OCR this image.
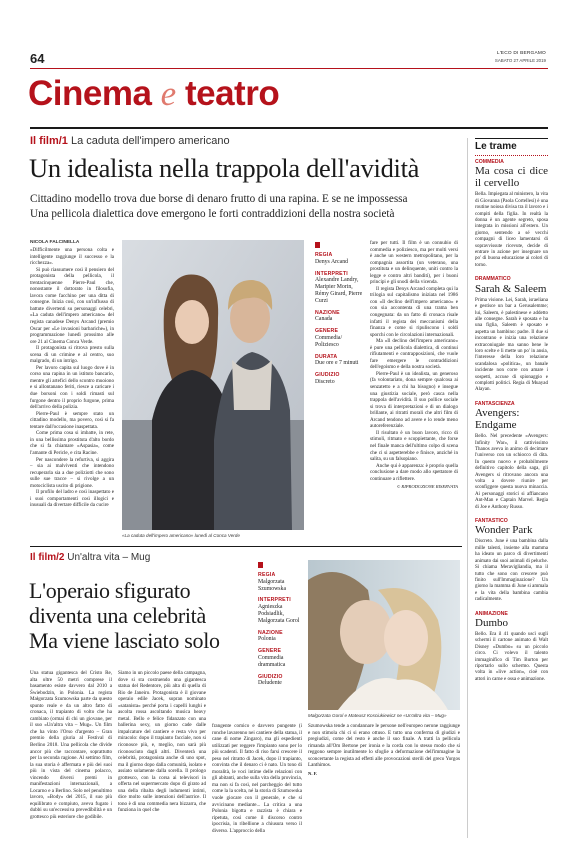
64	L'ECO DI BERGAMO
SABATO 27 APRILE 2019
Cinema e teatro
Il film/1 La caduta dell'impero americano
Un idealista nella trappola dell'avidità
Cittadino modello trova due borse di denaro frutto di una rapina. E se ne impossessa
Una pellicola dialettica dove emergono le forti contraddizioni della nostra società
NICOLA FALCINELLA

«Difficilmente una persona colta e intelligente raggiunge il successo e la ricchezza».

Si può riassumere così il pensiero del protagonista della pellicola, il trentacinquenne Pierre-Paul che, nonostante il dottorato in filosofia, lavora come facchino per una ditta di consegne. Inizia così, con un'influsso di battute divertenti su personaggi celebri, «La caduta dell'impero americano» del regista canadese Denys Arcand (premio Oscar per «Le invasioni barbariche»), in programmazione lunedì prossimo alle ore 21 al Cinema Conca Verde.

Il protagonista si ritrova presto sulla scena di un crimine e al centro, suo malgrado, di un intrigo.

Per lavoro capita sul luogo dove è in corso una rapina in un istituto bancario, mentre gli artefici dello scontro muoiono e si allontanano feriti, riesce a caricare i due borsoni con i soldi rimasti sul furgone dentro il proprio furgone, prima dell'arrivo della polizia.

Pierre-Paul è sempre stato un cittadino modello, ma povero, così si fa tentare dall'occasione inaspettata.

Come prima cosa si imbatte, in rete, in una bellissima prostituta d'alto bordo che si fa chiamare «Aspasia», come l'amante di Pericle, e cita Racine.

Per nascondere la refurtiva, si aggira – sia ai malviventi che intendono recuperarla sia a due poliziotti che sono sulle sue tracce – si rivolge a un motociclista uscito di prigione.

Il profilo del ladro e così inaspettato e i suoi comportamenti così illogici e inusuali da divertare difficile da cucire

«La caduta dell'impero americano» lunedì al Conca Verde
REGIA
Denys Arcand
INTERPRETI
Alexandre Landry, Maripier Morin, Rémy Girard, Pierre Curzi
NAZIONE
Canada
GENERE
Commedia/ Poliziesco
DURATA
Due ore e 7 minuti
GIUDIZIO
Discreto

fare per tutti. Il film è un connubio di commedia e poliziesco, ma per molti versi è anche un western metropolitano, per la compagnia assortita (un veterano, una prostituta e un delinquente, uniti contro la legge e contro altri banditi), per i buoni principi e gli snodi della vicenda.

Il regista Denys Arcand completa qui la trilogia sul capitalismo iniziata nel 1986 con «Il declino dell'impero americano» e con sia accontenta di una trama ben congegnata: da un fatto di cronaca risale infatti il regista dei meccanismi della finanza e come si ripuliscono i soldi sporchi con le circolazioni internazionali.

Ma «Il declino dell'impero americano» è pure una pellicola dialettica, di continui rifiutamenti e contrapposizioni, che vuole fare emergere le contraddizioni dell'egoismo e della nostra società.

Pierre-Paul è un idealista, un generoso (fa volontariato, dona sempre qualcosa ai senzatetto e a chi ha bisogno) e insegue una giustizia sociale, però casca nella trappola dell'avidità. Il suo pollice sociale si trova di interpretazioni e di un dialogo brillante, ai ritratti morali che altri film di Arcand tendono ad avere e lo rende meno autoreferenziale.

Il risultato è un buon lavoro, ricco di stimoli, ritmato e scoppiettante, che forse nel finale manca dell'ultimo colpo di scena che ci si aspetterebbe e finisce, anziché in salita, su un falsopiano.

Anche qui è apparenza: è proprio quella conclusione a dare modo allo spettatore di continuare a riflettere.

© RIPRODUZIONE RISERVATA
Il film/2 Un'altra vita – Mug
L'operaio sfigurato
diventa una celebrità
Ma viene lasciato solo
REGIA
Malgorzata Szumowska
INTERPRETI
Agnieszka Podsiadlik, Malgorzata Gorol
NAZIONE
Polonia
GENERE
Commedia drammatica
GIUDIZIO
Deludente
Malgorzata Gorol e Mateusz Kosciukiewicz ne «Un'altra vita – Mug»

Una statua gigantesca del Cristo Re, alta oltre 50 metri comprese il basamento esiste davvero dal 2010 a Świebodzin, in Polonia. La regista Małgorzata Szumowska parte da questo spunto reale e da un altro fatto di cronaca, il trapianto di volto che ha cambiato (ormai di chi un giovane, per il suo «Un'altra vita – Mug». Un film che ha vinto l'Orso d'argento – Gran premio della giuria al Festival di Berlino 2018. Una pellicola che divide ancor più che raccontare, soprattutto per la seconda ragione. Al settimo film, la sua storia è affermata e più dei suoi più in vista del cinema polacco, vincendo diversi premi in manifestazioni internazionali, a Locarno e a Berlino. Solo nel penultimo lavoro, «Body» del 2015, il suo più equilibrato e compiuto, aveva fugato i dubbi su un'eccessiva prevedibilità e un grottesco più esteriore che godibile.

Siamo in un piccolo paese della campagna, dove si sta costruendo una gigantesca statua del Redentore, più alta di quella di Rio de Janeiro. Protagonista è il giovane operaio edile Jacek, sopran nominato «satanista» perché porta i capelli lunghi e ascolta rossa ascoltando musica heavy metal. Bello e felice fidanzato con una ballerina sexy, un giorno cade dalle impalcature del cantiere e resta vivo per miracolo: dopo il trapianto facciale, non si riconosce più, e, meglio, non sarà più riconosciuto dagli altri. Diventerà una celebrità, protagonista anche di uno spot, ma il giorno dopo dalla comunità, isolato e assiato solamente dalla sorella. Il prologo grottesco, con la corsa ai televisori in offerta nel supermercato dopo di girato ad una della ribalta degli indumenti intimi, dice molto sulle intenzioni dell'autrice. Il tono è di una commedia nera bizzarra, che funziona in quel che

frangente comico e davvero pungente (i ronche lavarenno nei cantiere della statua, il cane di nome Zingaro), ma gli espedienti utilizzati per reggere l'impianto sono per lo più scadenti. Il fatto di riso farsi crescere il peso nel ritratto di Jacek, dopo il trapianto, convinta che il denaro ci è nato. Un tono di moralità, le voci intime delle relazioni con gli abitanti, anche sulla vita della provincia, ma non si fa così, nel parcheggio del tutto come la la scelta, né la storia di Szumowska vuole giocare con il generale, e che si avvicinano mediante... La critica a una Polonia bigotta e razzista è chiara e ripetuta, così come il discorso contro ipocrisia, in ribellione a chiusura verso il diverso. L'approccio della

Szumowska tende a condannare le persone nell'europeo nerone raggiunge e non stimola chi ci si erano ottuso. E tutto una conferma di giudizi e pregiudizi, come del resto è anche il suo finale. A tratti la pellicola rimanda all'Om Bertone per ironia e la corda con lo stesso modo che si reggono sempre inutilmente lo sfoglie a deformazione dell'immagine la sconcertante la regista ad effetti alle provocazioni sterili del greco Yorgos Lanthimos.

N. F.
Le trame
COMMEDIA
Ma cosa ci dice il cervello
Bella. Impiegata al ministero, la vita di Giovanna (Paola Cortellesi) è una routine noiosa divisa tra il lavoro e i compiti della figlia. In realtà la donna è un agente segreto, sposa integrata in missioni all'estero. Un giorno, sentendo a sé vecchi compagni di liceo lamentarsi di sopravvissute ricevute, decide di entrare in azione per insegnare un po' di buona educazione ai colori di torno.
DRAMMATICO
Sarah & Saleem
Prima visione. Lei, Sarah, israeliana e gestisce un bar a Gerusalemme; lui, Saleem, è palestinese e addetto alle consegne. Sarah è sposata e ha una figlia, Saleem è sposato e aspetta un bambino: padre. Il due si incontrano e inizia una relazione extraconiugale ma sanno bene le loro scelte e li mette un po' in ansia, l'interesse della loro relazione scandalosa «politica», un banale incidente non corre con amare i sospetti, accuse di spionaggio e complotti politici. Regia di Muayad Alayan.
FANTASCIENZA
Avengers: Endgame
Bello. Nel precedente «Avengers: Infinity War», il cattivissimo Thanos aveva in animo di decimare l'universo con un schiocco di dita. In questo nuovo e probabilmente definitivo capitolo della saga, gli Avengers si ritrovano ancora una volta a dovere riunire per sconfiggere questa nuova minaccia. Ai personaggi storici si affiancano Ant-Man e Captain Marvel. Regia di Joe e Anthony Russo.
FANTASTICO
Wonder Park
Discreto. June è una bambina dalla mille talenti, insieme alla mamma ha ideato un parco di divertimenti animato dai suoi animali di peluche. Si chiama Meravigliandia, ma il tutto che sono con crescere può finito sull'Immaginazione? Un giorno la mamma di June si ammala e la vita della bambina cambia radicalmente.
ANIMAZIONE
Dumbo
Bello. Era il 41 quando uscì sugli schermi il cartone animato di Walt Disney «Dumbo» su un piccolo circo. Ci volevo il talento immaginifico di Tim Burton per riportarlo sullo schermo. Questa volta in «live action», cioè con attori in carne e ossa e animazione.
